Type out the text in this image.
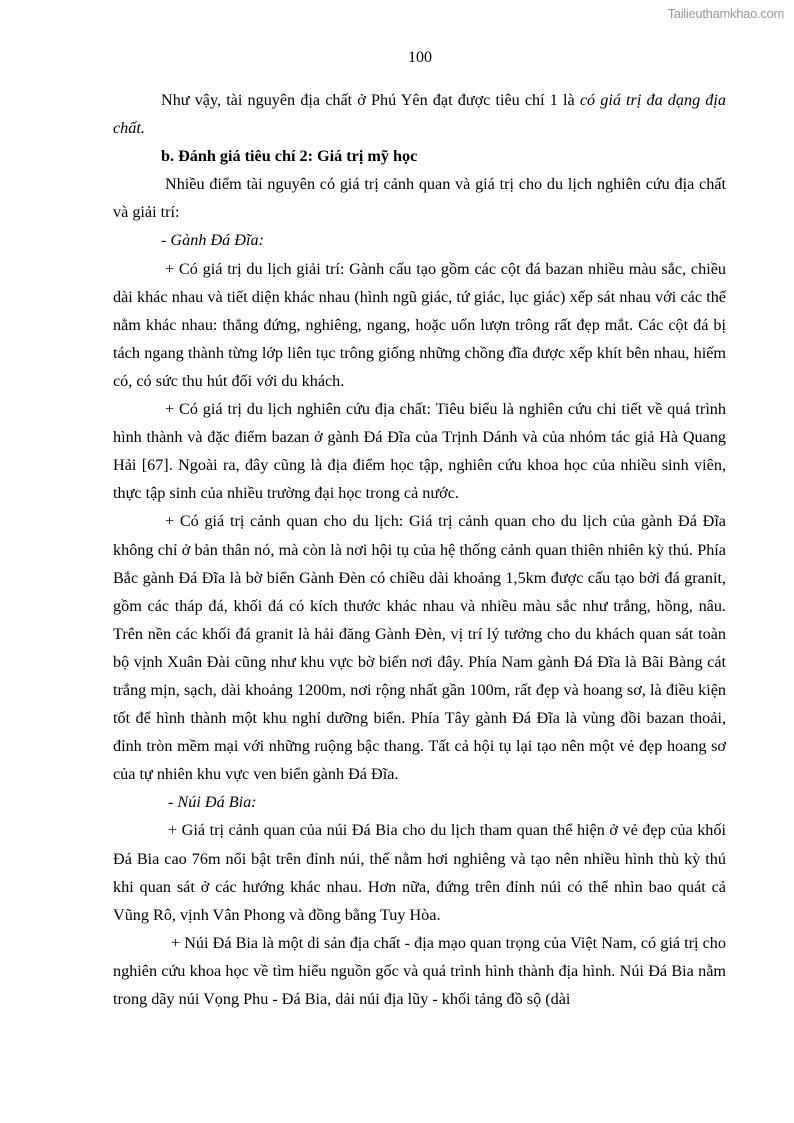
Tailieuthamkhao.com
100

Như vậy, tài nguyên địa chất ở Phú Yên đạt được tiêu chí 1 là có giá trị đa dạng địa chất.

b. Đánh giá tiêu chí 2: Giá trị mỹ học

Nhiều điểm tài nguyên có giá trị cảnh quan và giá trị cho du lịch nghiên cứu địa chất và giải trí:

- Gành Đá Đĩa:

+ Có giá trị du lịch giải trí: Gành cấu tạo gồm các cột đá bazan nhiều màu sắc, chiều dài khác nhau và tiết diện khác nhau (hình ngũ giác, tứ giác, lục giác) xếp sát nhau với các thế nằm khác nhau: thẳng đứng, nghiêng, ngang, hoặc uốn lượn trông rất đẹp mắt. Các cột đá bị tách ngang thành từng lớp liên tục trông giống những chồng đĩa được xếp khít bên nhau, hiếm có, có sức thu hút đối với du khách.

+ Có giá trị du lịch nghiên cứu địa chất: Tiêu biểu là nghiên cứu chi tiết về quá trình hình thành và đặc điểm bazan ở gành Đá Đĩa của Trịnh Dánh và của nhóm tác giả Hà Quang Hải [67]. Ngoài ra, đây cũng là địa điểm học tập, nghiên cứu khoa học của nhiều sinh viên, thực tập sinh của nhiều trường đại học trong cả nước.

+ Có giá trị cảnh quan cho du lịch: Giá trị cảnh quan cho du lịch của gành Đá Đĩa không chỉ ở bản thân nó, mà còn là nơi hội tụ của hệ thống cảnh quan thiên nhiên kỳ thú. Phía Bắc gành Đá Đĩa là bờ biển Gành Đèn có chiều dài khoảng 1,5km được cấu tạo bởi đá granit, gồm các tháp đá, khối đá có kích thước khác nhau và nhiều màu sắc như trắng, hồng, nâu. Trên nền các khối đá granit là hải đăng Gành Đèn, vị trí lý tưởng cho du khách quan sát toàn bộ vịnh Xuân Đài cũng như khu vực bờ biển nơi đây. Phía Nam gành Đá Đĩa là Bãi Bàng cát trắng mịn, sạch, dài khoảng 1200m, nơi rộng nhất gần 100m, rất đẹp và hoang sơ, là điều kiện tốt để hình thành một khu nghỉ dưỡng biển. Phía Tây gành Đá Đĩa là vùng đồi bazan thoải, đỉnh tròn mềm mại với những ruộng bậc thang. Tất cả hội tụ lại tạo nên một vẻ đẹp hoang sơ của tự nhiên khu vực ven biển gành Đá Đĩa.

- Núi Đá Bia:

+ Giá trị cảnh quan của núi Đá Bia cho du lịch tham quan thể hiện ở vẻ đẹp của khối Đá Bia cao 76m nổi bật trên đỉnh núi, thế nằm hơi nghiêng và tạo nên nhiều hình thù kỳ thú khi quan sát ở các hướng khác nhau. Hơn nữa, đứng trên đỉnh núi có thể nhìn bao quát cả Vũng Rô, vịnh Vân Phong và đồng bằng Tuy Hòa.

+ Núi Đá Bia là một di sản địa chất - địa mạo quan trọng của Việt Nam, có giá trị cho nghiên cứu khoa học về tìm hiểu nguồn gốc và quá trình hình thành địa hình. Núi Đá Bia nằm trong dãy núi Vọng Phu - Đá Bia, dải núi địa lũy - khối tảng đồ sộ (dài
